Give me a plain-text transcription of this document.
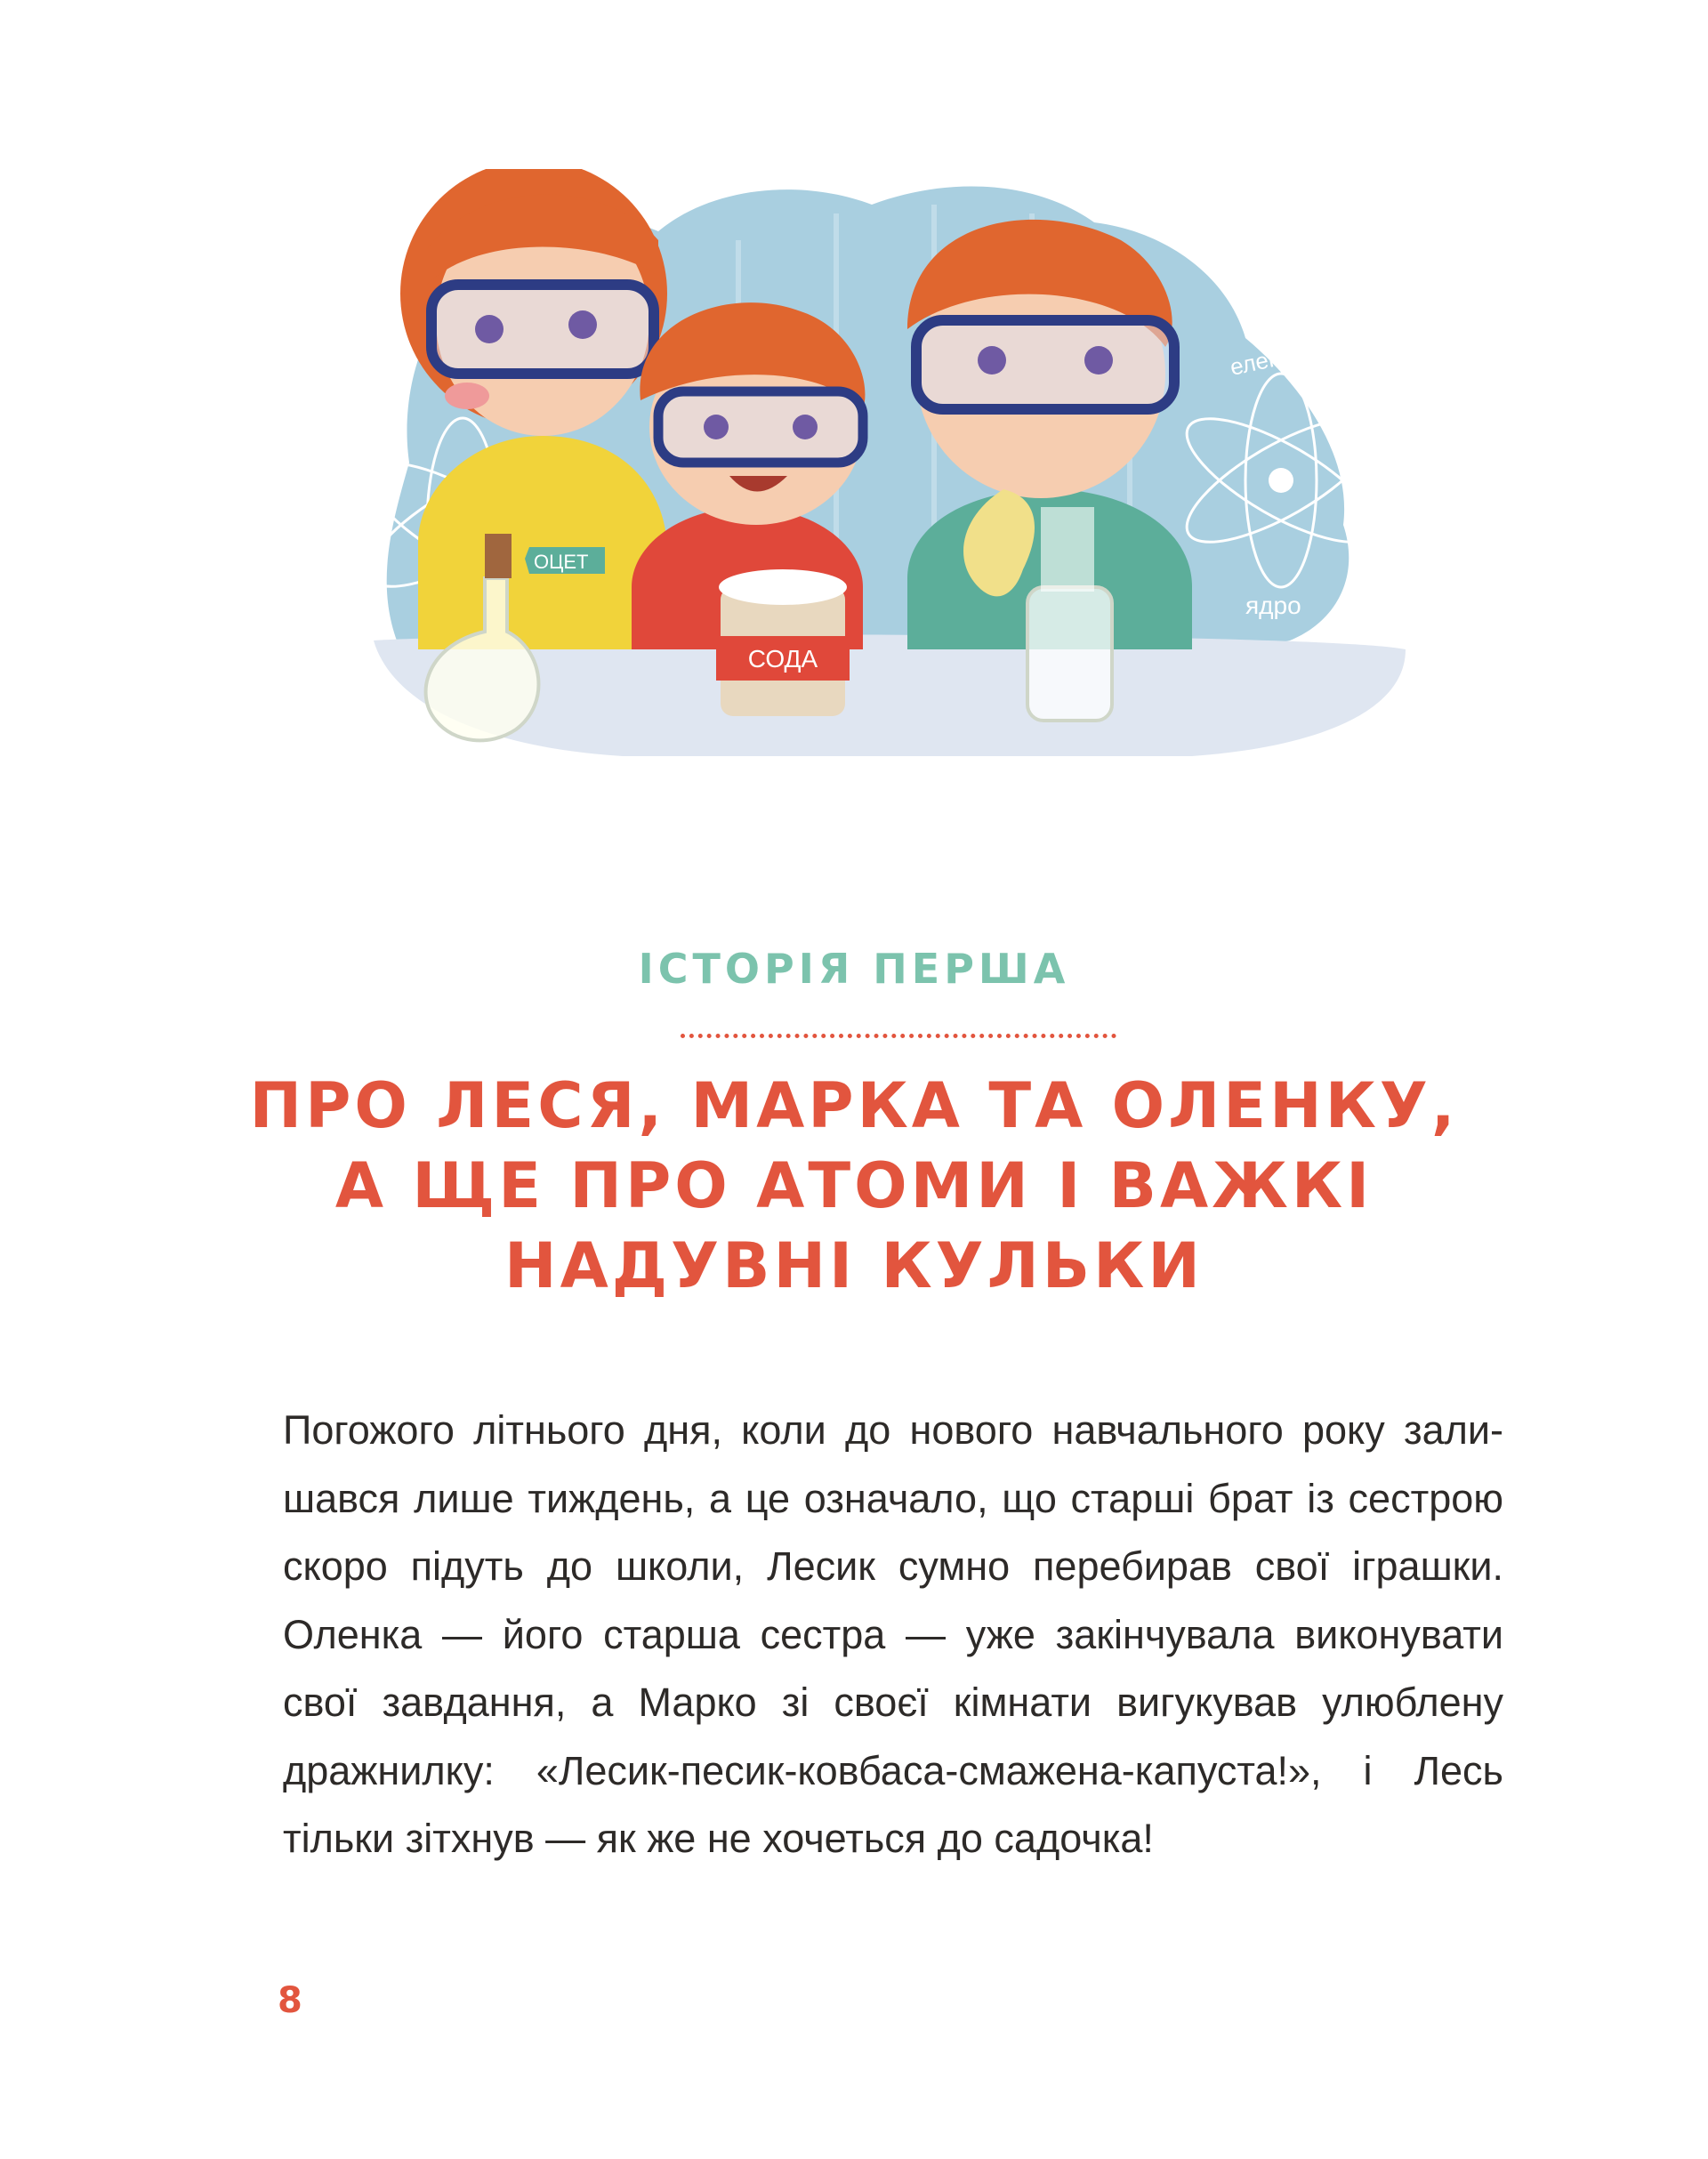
електрон
ядро
ОЦЕТ
СОДА
ІСТОРІЯ ПЕРША
ПРО ЛЕСЯ, МАРКА ТА ОЛЕНКУ,
А ЩЕ ПРО АТОМИ І ВАЖКІ
НАДУВНІ КУЛЬКИ
Погожого літнього дня, коли до нового навчального року зали-
шався лише тиждень, а це означало, що старші брат із сестрою
скоро підуть до школи, Лесик сумно перебирав свої іграшки.
Оленка — його старша сестра — уже закінчувала виконувати
свої завдання, а Марко зі своєї кімнати вигукував улюблену
дражнилку: «Лесик-песик-ковбаса-смажена-капуста!», і Лесь
тільки зітхнув — як же не хочеться до садочка!
8
